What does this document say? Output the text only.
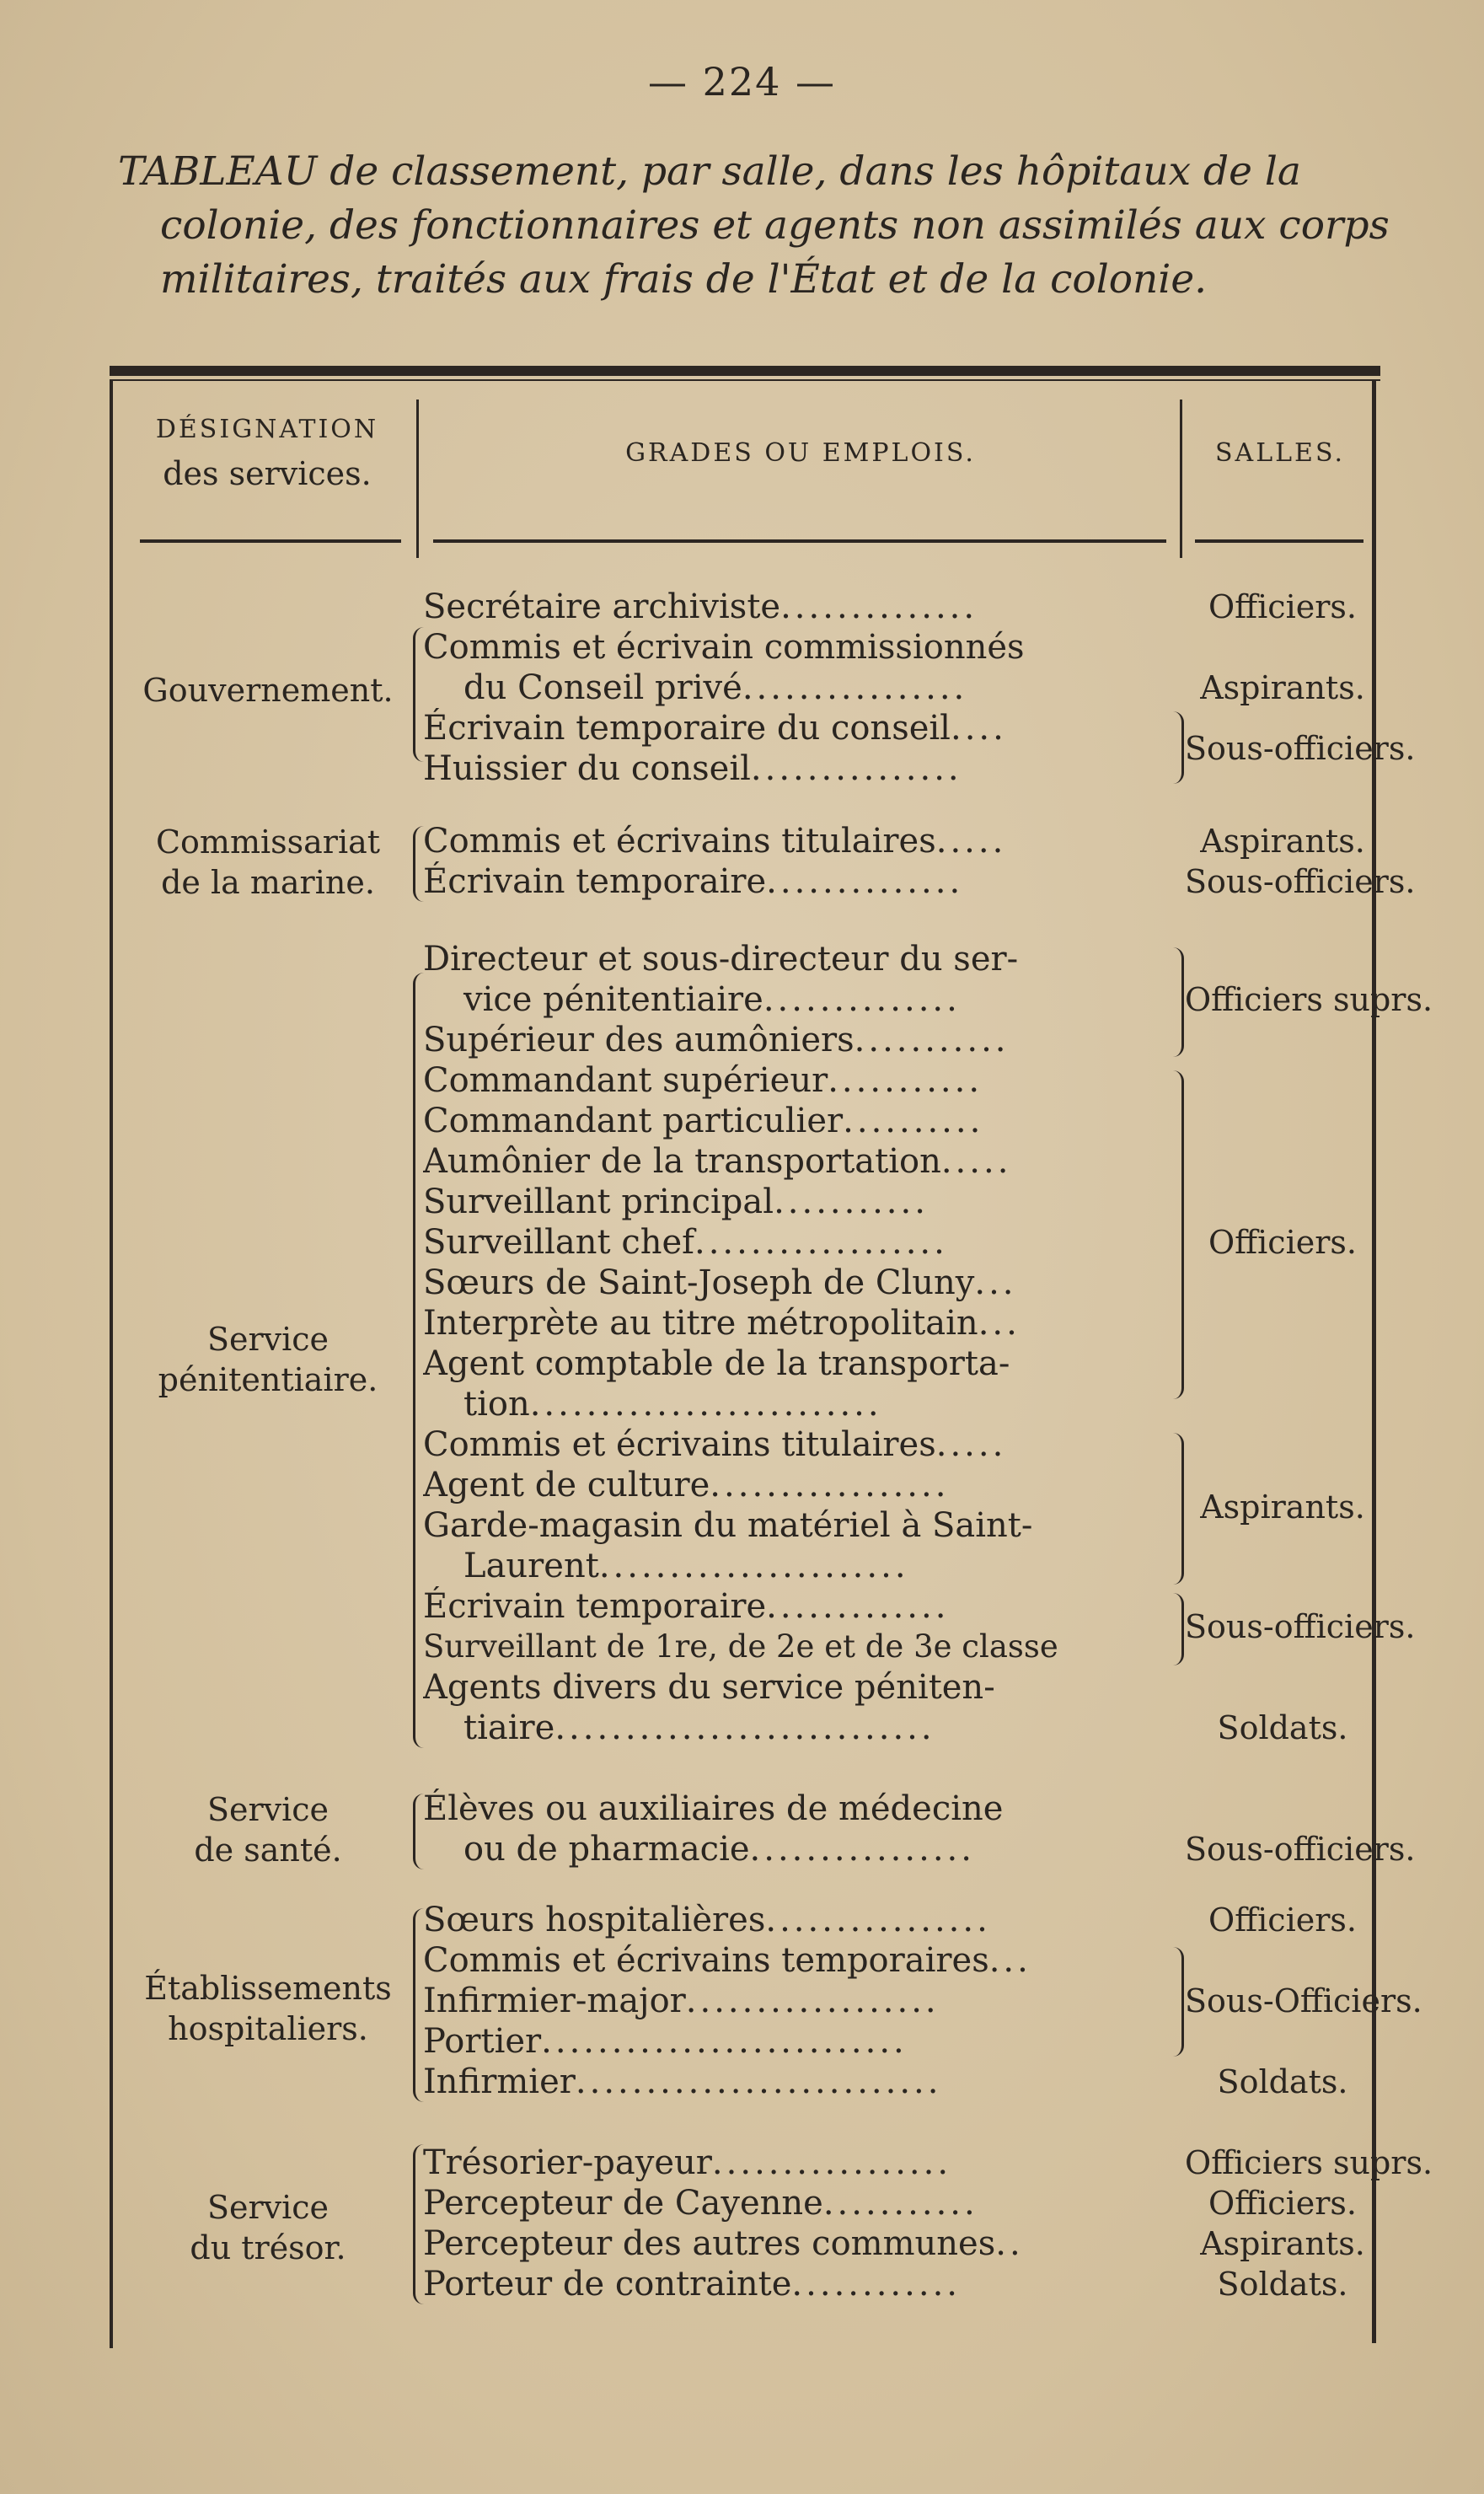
— 224 —

TABLEAU de classement, par salle, dans les hôpitaux de la

colonie, des fonctionnaires et agents non assimilés aux corps

militaires, traités aux frais de l'État et de la colonie.

DÉSIGNATION
des services.
GRADES OU EMPLOIS.	SALLES.
Gouvernement.
Secrétaire archiviste..............
Commis et écrivain commissionnés
du Conseil privé................
Écrivain temporaire du conseil....
Huissier du conseil...............
Officiers.
Aspirants.
Sous-officiers.
Commissariat
de la marine.
Commis et écrivains titulaires.....
Écrivain temporaire..............
Aspirants.
Sous-officiers.
Service
pénitentiaire.
Directeur et sous-directeur du ser-
vice pénitentiaire..............
Supérieur des aumôniers...........
Commandant supérieur...........
Commandant particulier..........
Aumônier de la transportation.....
Surveillant principal...........
Surveillant chef..................
Sœurs de Saint-Joseph de Cluny...
Interprète au titre métropolitain...
Agent comptable de la transporta-
tion.........................
Commis et écrivains titulaires.....
Agent de culture.................
Garde-magasin du matériel à Saint-
Laurent......................
Écrivain temporaire.............
Surveillant de 1re, de 2e et de 3e classe
Agents divers du service péniten-
tiaire...........................
Officiers suprs.
Officiers.
Aspirants.
Sous-officiers.
Soldats.
Service
de santé.
Élèves ou auxiliaires de médecine
ou de pharmacie................	Sous-officiers.
Établissements
hospitaliers.
Sœurs hospitalières................
Commis et écrivains temporaires...
Infirmier-major..................
Portier..........................
Infirmier..........................
Officiers.
Sous-Officiers.
Soldats.
Service
du trésor.
Trésorier-payeur.................
Percepteur de Cayenne...........
Percepteur des autres communes..
Porteur de contrainte............
Officiers suprs.
Officiers.
Aspirants.
Soldats.
